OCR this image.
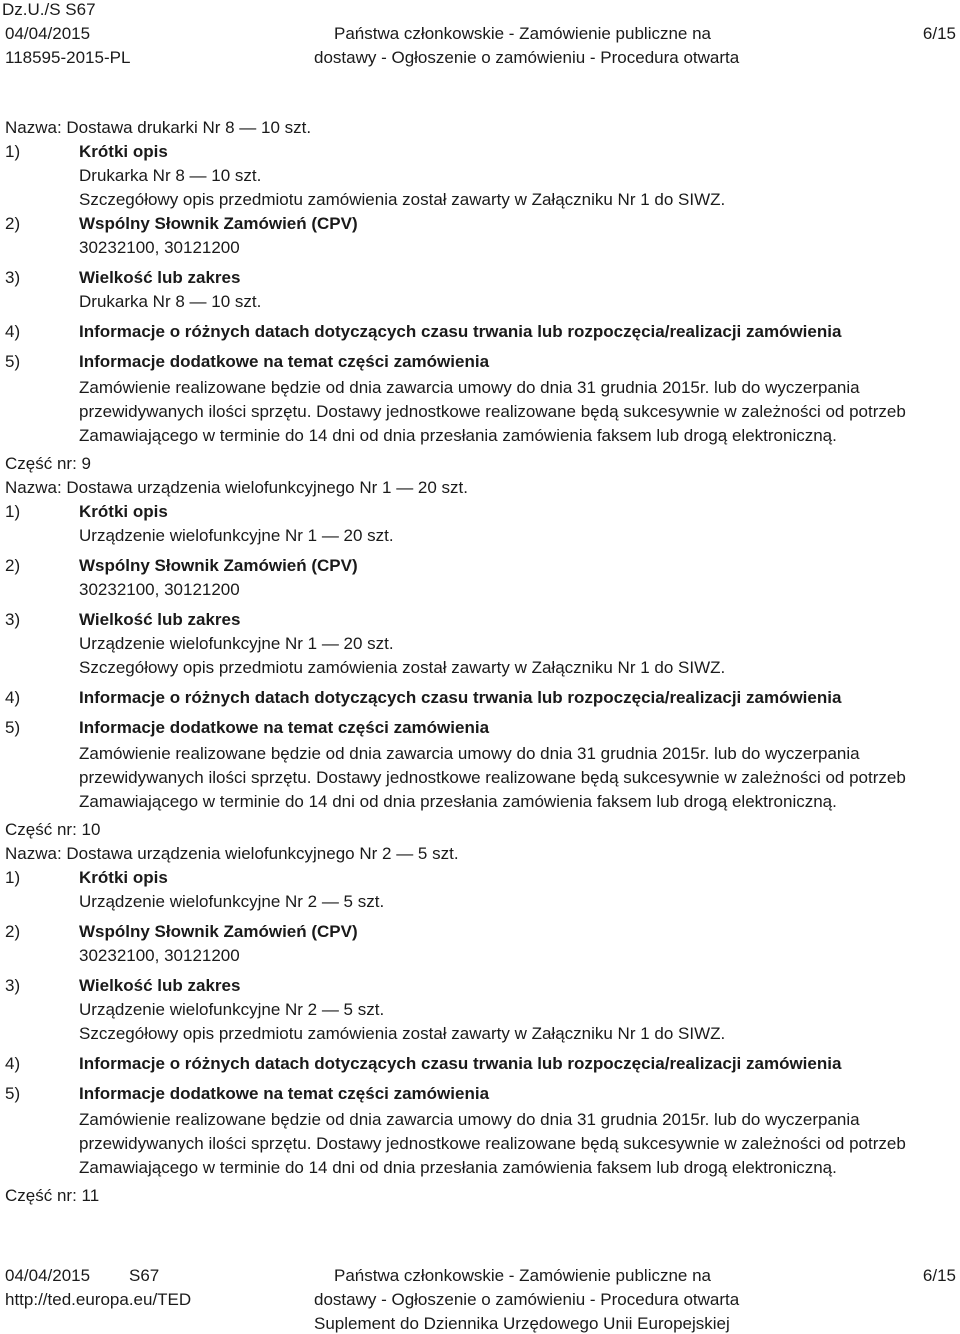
Dz.U./S S67
04/04/2015
118595-2015-PL
Państwa członkowskie - Zamówienie publiczne na
dostawy - Ogłoszenie o zamówieniu - Procedura otwarta
6/15
Nazwa: Dostawa drukarki Nr 8 — 10 szt.
1)	Krótki opis
Drukarka Nr 8 — 10 szt.
Szczegółowy opis przedmiotu zamówienia został zawarty w Załączniku Nr 1 do SIWZ.
2)	Wspólny Słownik Zamówień (CPV)
30232100, 30121200
3)	Wielkość lub zakres
Drukarka Nr 8 — 10 szt.
4)	Informacje o różnych datach dotyczących czasu trwania lub rozpoczęcia/realizacji zamówienia
5)	Informacje dodatkowe na temat części zamówienia
Zamówienie realizowane będzie od dnia zawarcia umowy do dnia 31 grudnia 2015r. lub do wyczerpania przewidywanych ilości sprzętu. Dostawy jednostkowe realizowane będą sukcesywnie w zależności od potrzeb Zamawiającego w terminie do 14 dni od dnia przesłania zamówienia faksem lub drogą elektroniczną.
Część nr: 9
Nazwa: Dostawa urządzenia wielofunkcyjnego Nr 1 — 20 szt.
1)	Krótki opis
Urządzenie wielofunkcyjne Nr 1 — 20 szt.
2)	Wspólny Słownik Zamówień (CPV)
30232100, 30121200
3)	Wielkość lub zakres
Urządzenie wielofunkcyjne Nr 1 — 20 szt.
Szczegółowy opis przedmiotu zamówienia został zawarty w Załączniku Nr 1 do SIWZ.
4)	Informacje o różnych datach dotyczących czasu trwania lub rozpoczęcia/realizacji zamówienia
5)	Informacje dodatkowe na temat części zamówienia
Zamówienie realizowane będzie od dnia zawarcia umowy do dnia 31 grudnia 2015r. lub do wyczerpania przewidywanych ilości sprzętu. Dostawy jednostkowe realizowane będą sukcesywnie w zależności od potrzeb Zamawiającego w terminie do 14 dni od dnia przesłania zamówienia faksem lub drogą elektroniczną.
Część nr: 10
Nazwa: Dostawa urządzenia wielofunkcyjnego Nr 2 — 5 szt.
1)	Krótki opis
Urządzenie wielofunkcyjne Nr 2 — 5 szt.
2)	Wspólny Słownik Zamówień (CPV)
30232100, 30121200
3)	Wielkość lub zakres
Urządzenie wielofunkcyjne Nr 2 — 5 szt.
Szczegółowy opis przedmiotu zamówienia został zawarty w Załączniku Nr 1 do SIWZ.
4)	Informacje o różnych datach dotyczących czasu trwania lub rozpoczęcia/realizacji zamówienia
5)	Informacje dodatkowe na temat części zamówienia
Zamówienie realizowane będzie od dnia zawarcia umowy do dnia 31 grudnia 2015r. lub do wyczerpania przewidywanych ilości sprzętu. Dostawy jednostkowe realizowane będą sukcesywnie w zależności od potrzeb Zamawiającego w terminie do 14 dni od dnia przesłania zamówienia faksem lub drogą elektroniczną.
Część nr: 11
04/04/2015 S67
http://ted.europa.eu/TED
Państwa członkowskie - Zamówienie publiczne na
dostawy - Ogłoszenie o zamówieniu - Procedura otwarta
Suplement do Dziennika Urzędowego Unii Europejskiej
6/15
